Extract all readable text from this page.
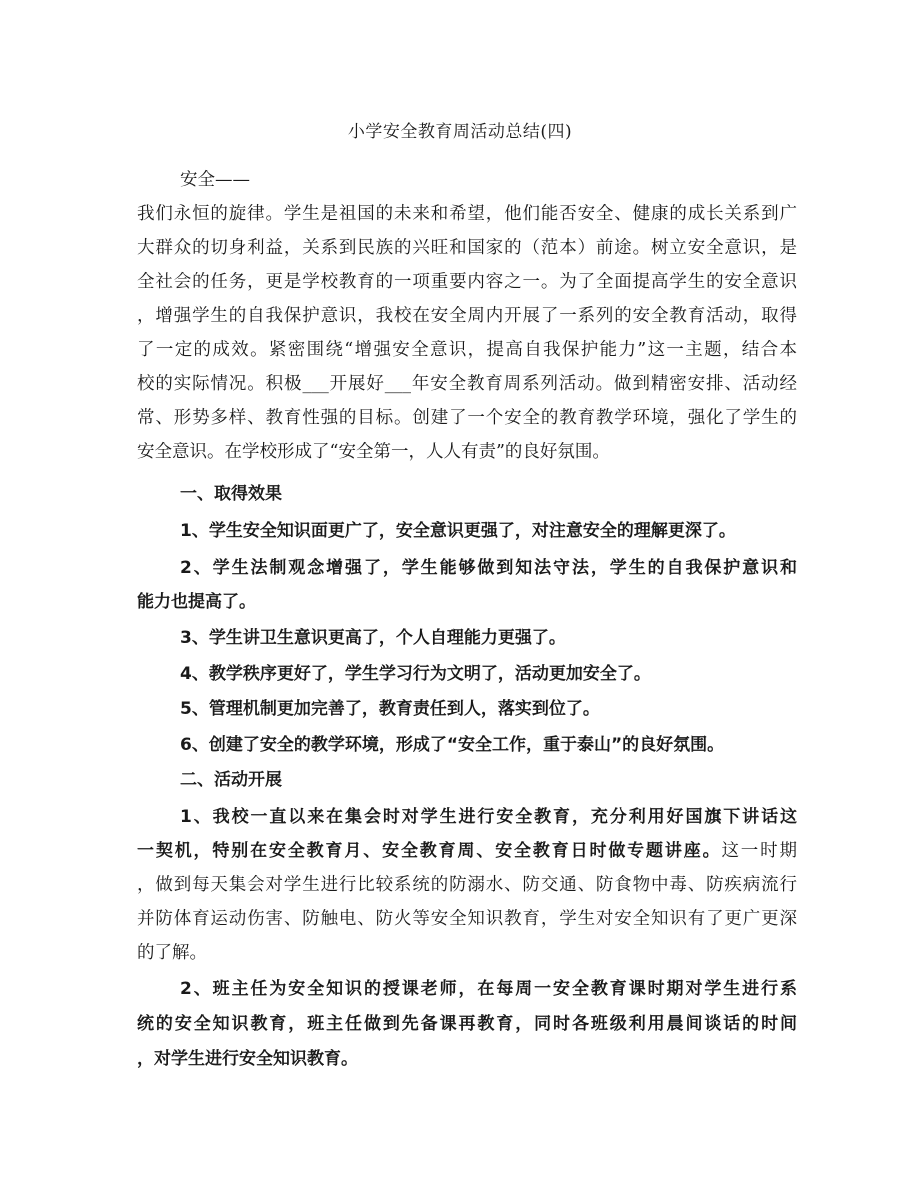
小学安全教育周活动总结(四)
安全——
我们永恒的旋律。学生是祖国的未来和希望，他们能否安全、健康的成长关系到广
大群众的切身利益，关系到民族的兴旺和国家的（范本）前途。树立安全意识，是
全社会的任务，更是学校教育的一项重要内容之一。为了全面提高学生的安全意识
，增强学生的自我保护意识，我校在安全周内开展了一系列的安全教育活动，取得
了一定的成效。紧密围绕“增强安全意识，提高自我保护能力”这一主题，结合本
校的实际情况。积极___开展好___年安全教育周系列活动。做到精密安排、活动经
常、形势多样、教育性强的目标。创建了一个安全的教育教学环境，强化了学生的
安全意识。在学校形成了“安全第一，人人有责”的良好氛围。
一、取得效果
1、学生安全知识面更广了，安全意识更强了，对注意安全的理解更深了。
2、学生法制观念增强了，学生能够做到知法守法，学生的自我保护意识和
能力也提高了。
3、学生讲卫生意识更高了，个人自理能力更强了。
4、教学秩序更好了，学生学习行为文明了，活动更加安全了。
5、管理机制更加完善了，教育责任到人，落实到位了。
6、创建了安全的教学环境，形成了“安全工作，重于泰山”的良好氛围。
二、活动开展
1、我校一直以来在集会时对学生进行安全教育，充分利用好国旗下讲话这
一契机，特别在安全教育月、安全教育周、安全教育日时做专题讲座。这一时期
，做到每天集会对学生进行比较系统的防溺水、防交通、防食物中毒、防疾病流行
并防体育运动伤害、防触电、防火等安全知识教育，学生对安全知识有了更广更深
的了解。
2、班主任为安全知识的授课老师，在每周一安全教育课时期对学生进行系
统的安全知识教育，班主任做到先备课再教育，同时各班级利用晨间谈话的时间
，对学生进行安全知识教育。
